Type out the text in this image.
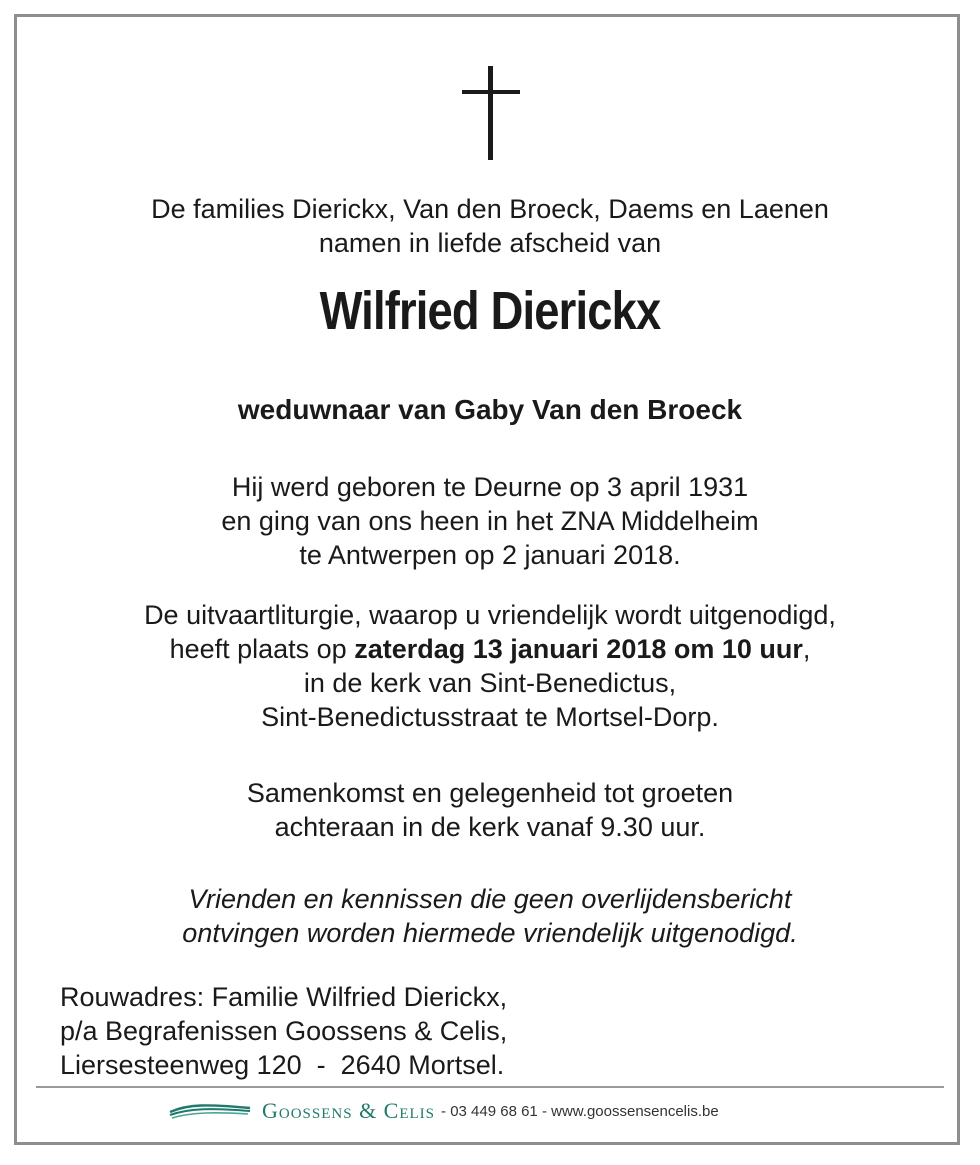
De families Dierickx, Van den Broeck, Daems en Laenen

namen in liefde afscheid van

Wilfried Dierickx
weduwnaar van Gaby Van den Broeck

Hij werd geboren te Deurne op 3 april 1931

en ging van ons heen in het ZNA Middelheim

te Antwerpen op 2 januari 2018.

De uitvaartliturgie, waarop u vriendelijk wordt uitgenodigd,

heeft plaats op zaterdag 13 januari 2018 om 10 uur,

in de kerk van Sint-Benedictus,

Sint-Benedictusstraat te Mortsel-Dorp.

Samenkomst en gelegenheid tot groeten

achteraan in de kerk vanaf 9.30 uur.

Vrienden en kennissen die geen overlijdensbericht

ontvingen worden hiermede vriendelijk uitgenodigd.

Rouwadres: Familie Wilfried Dierickx,
p/a Begrafenissen Goossens & Celis,
Liersesteenweg 120  -  2640 Mortsel.
Goossens & Celis - 03 449 68 61 - www.goossensencelis.be
